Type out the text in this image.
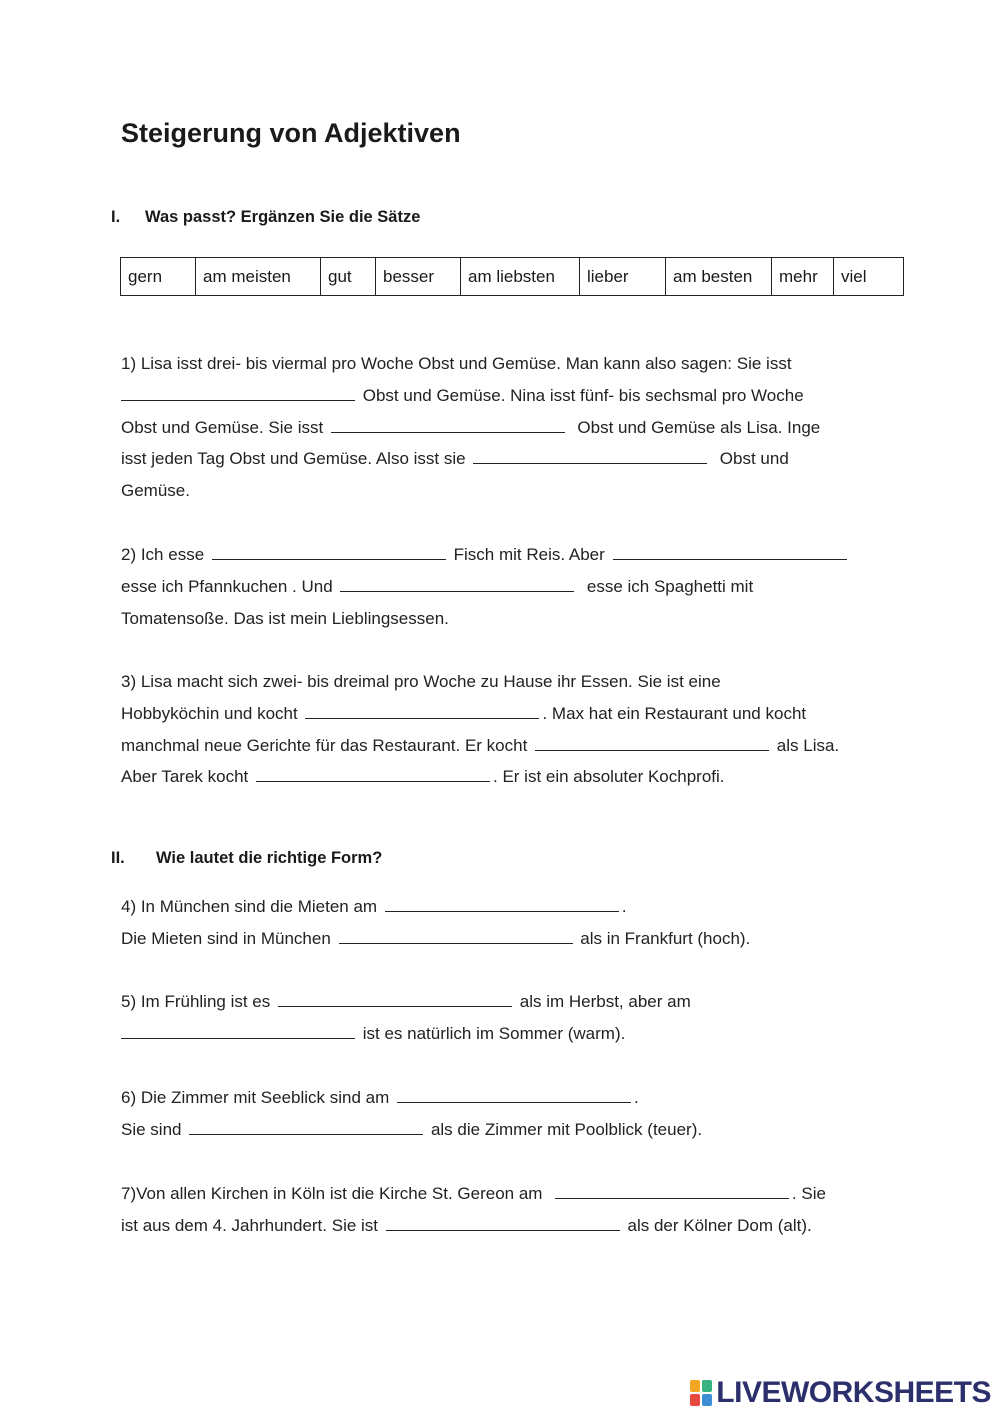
Steigerung von Adjektiven
I. Was passt? Ergänzen Sie die Sätze
gern	am meisten	gut	besser	am liebsten	lieber	am besten	mehr	viel
1) Lisa isst drei- bis viermal pro Woche Obst und Gemüse. Man kann also sagen: Sie isst
Obst und Gemüse. Nina isst fünf- bis sechsmal pro Woche
Obst und Gemüse. Sie isst	Obst und Gemüse als Lisa. Inge
isst jeden Tag Obst und Gemüse. Also isst sie	Obst und
Gemüse.
2) Ich esse	Fisch mit Reis. Aber
esse ich Pfannkuchen . Und	esse ich Spaghetti mit
Tomatensoße. Das ist mein Lieblingsessen.
3) Lisa macht sich zwei- bis dreimal pro Woche zu Hause ihr Essen. Sie ist eine
Hobbyköchin und kocht	. Max hat ein Restaurant und kocht
manchmal neue Gerichte für das Restaurant. Er kocht	als Lisa.
Aber Tarek kocht	. Er ist ein absoluter Kochprofi.
II. Wie lautet die richtige Form?
4) In München sind die Mieten am	.
Die Mieten sind in München	als in Frankfurt (hoch).
5) Im Frühling ist es	als im Herbst, aber am
ist es natürlich im Sommer (warm).
6) Die Zimmer mit Seeblick sind am	.
Sie sind	als die Zimmer mit Poolblick (teuer).
7)Von allen Kirchen in Köln ist die Kirche St. Gereon am	. Sie
ist aus dem 4. Jahrhundert. Sie ist	als der Kölner Dom (alt).
LIVEWORKSHEETS
